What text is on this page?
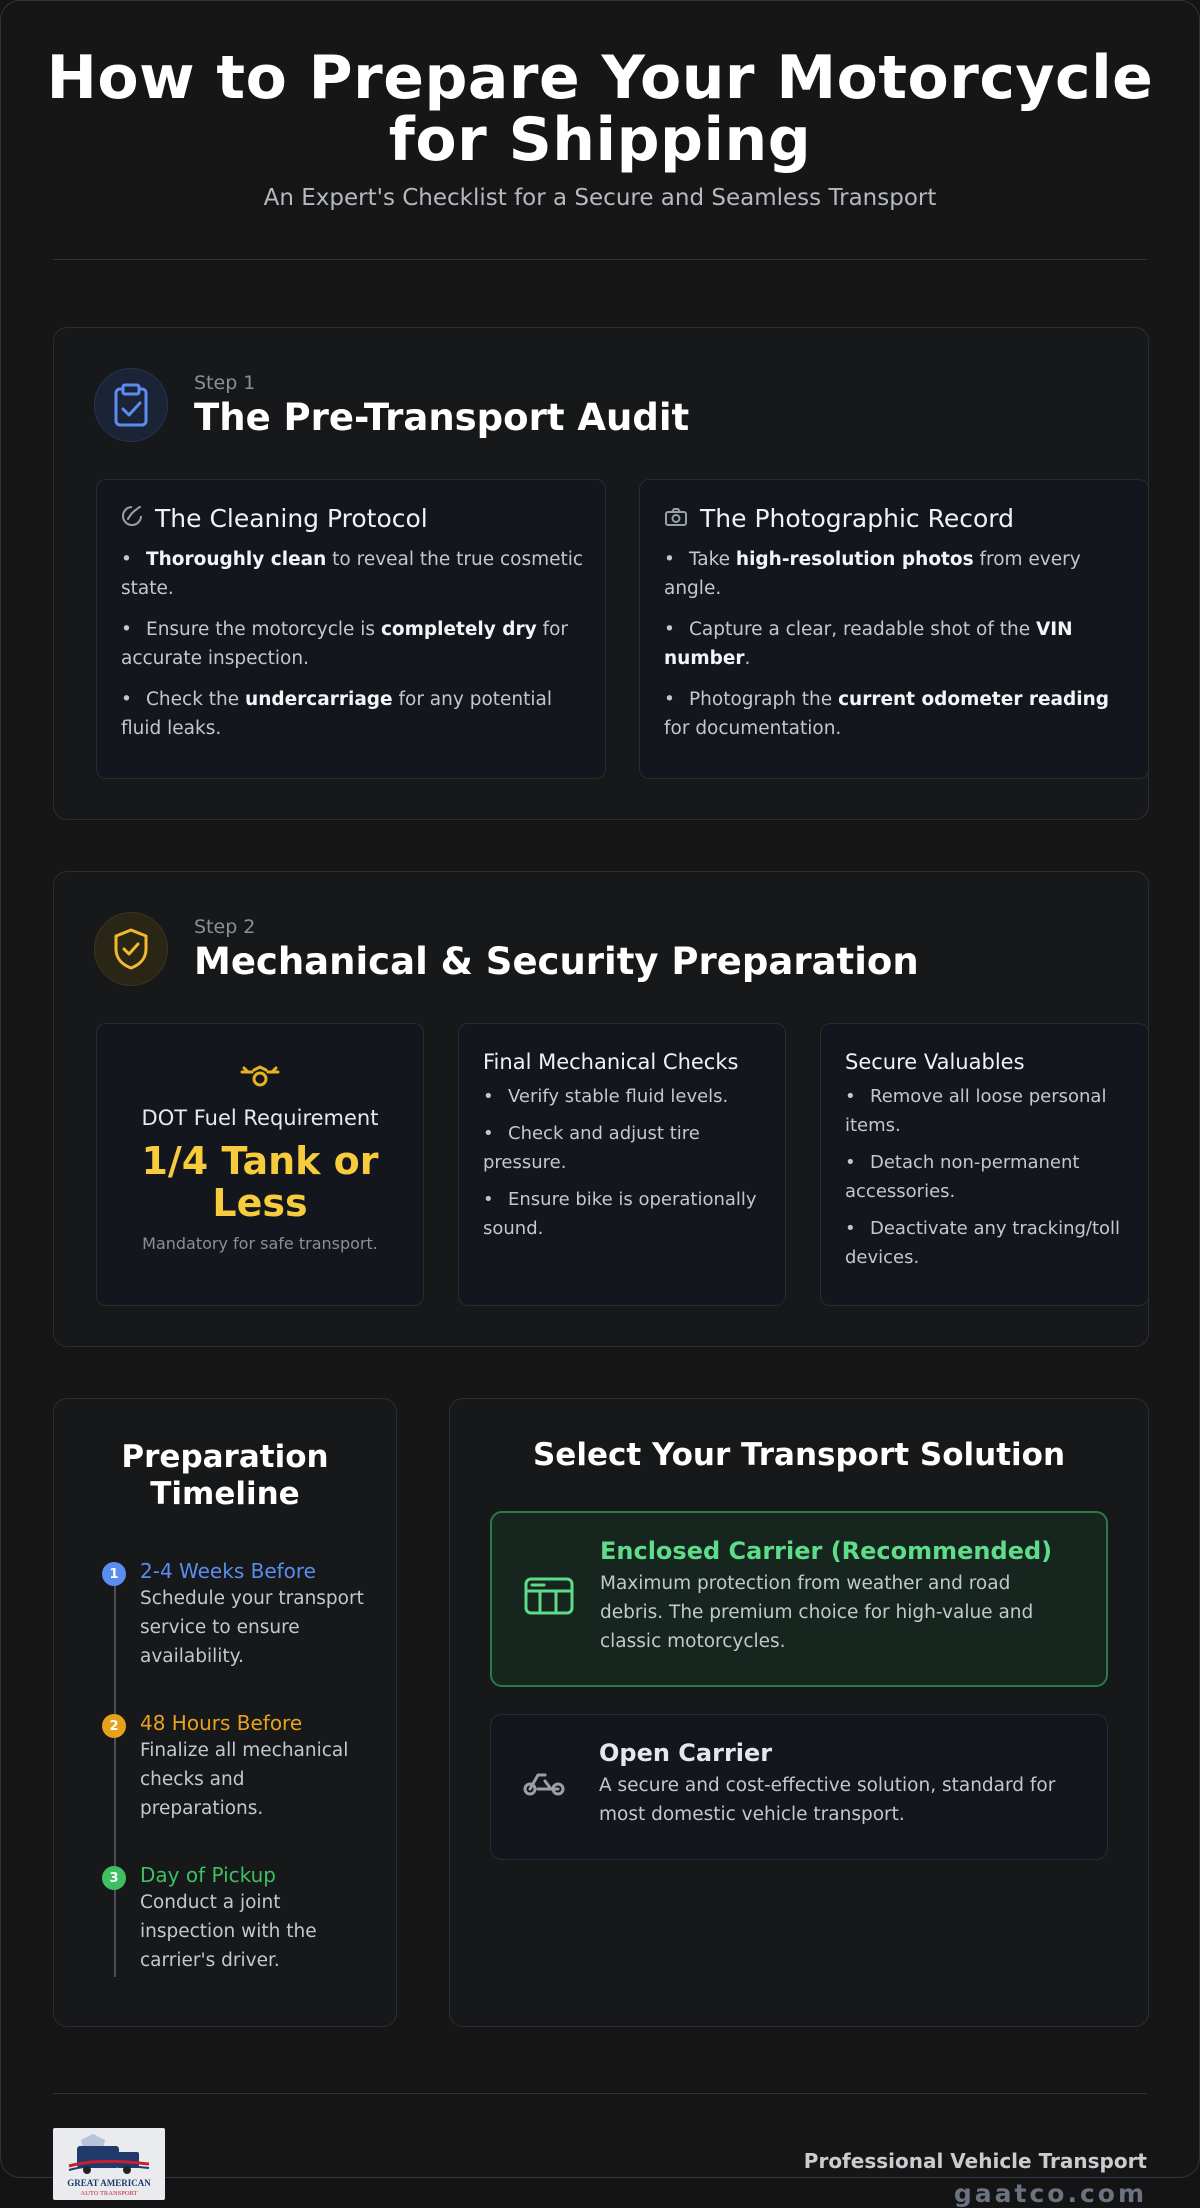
How to Prepare Your Motorcycle
for Shipping
An Expert's Checklist for a Secure and Seamless Transport
Step 1
The Pre-Transport Audit
The Cleaning Protocol
• Thoroughly clean to reveal the true cosmetic state.
• Ensure the motorcycle is completely dry for accurate inspection.
• Check the undercarriage for any potential fluid leaks.
The Photographic Record
• Take high-resolution photos from every angle.
• Capture a clear, readable shot of the VIN number.
• Photograph the current odometer reading for documentation.
Step 2
Mechanical & Security Preparation
DOT Fuel Requirement
1/4 Tank or
Less
Mandatory for safe transport.
Final Mechanical Checks
• Verify stable fluid levels.
• Check and adjust tire pressure.
• Ensure bike is operationally sound.
Secure Valuables
• Remove all loose personal items.
• Detach non-permanent accessories.
• Deactivate any tracking/toll devices.
Preparation
Timeline
1	2-4 Weeks Before
Schedule your transport service to ensure availability.
2	48 Hours Before
Finalize all mechanical checks and preparations.
3	Day of Pickup
Conduct a joint inspection with the carrier's driver.
Select Your Transport Solution
Enclosed Carrier (Recommended)
Maximum protection from weather and road debris. The premium choice for high-value and classic motorcycles.
Open Carrier
A secure and cost-effective solution, standard for most domestic vehicle transport.
GREAT AMERICAN
AUTO TRANSPORT
Professional Vehicle Transport
gaatco.com
